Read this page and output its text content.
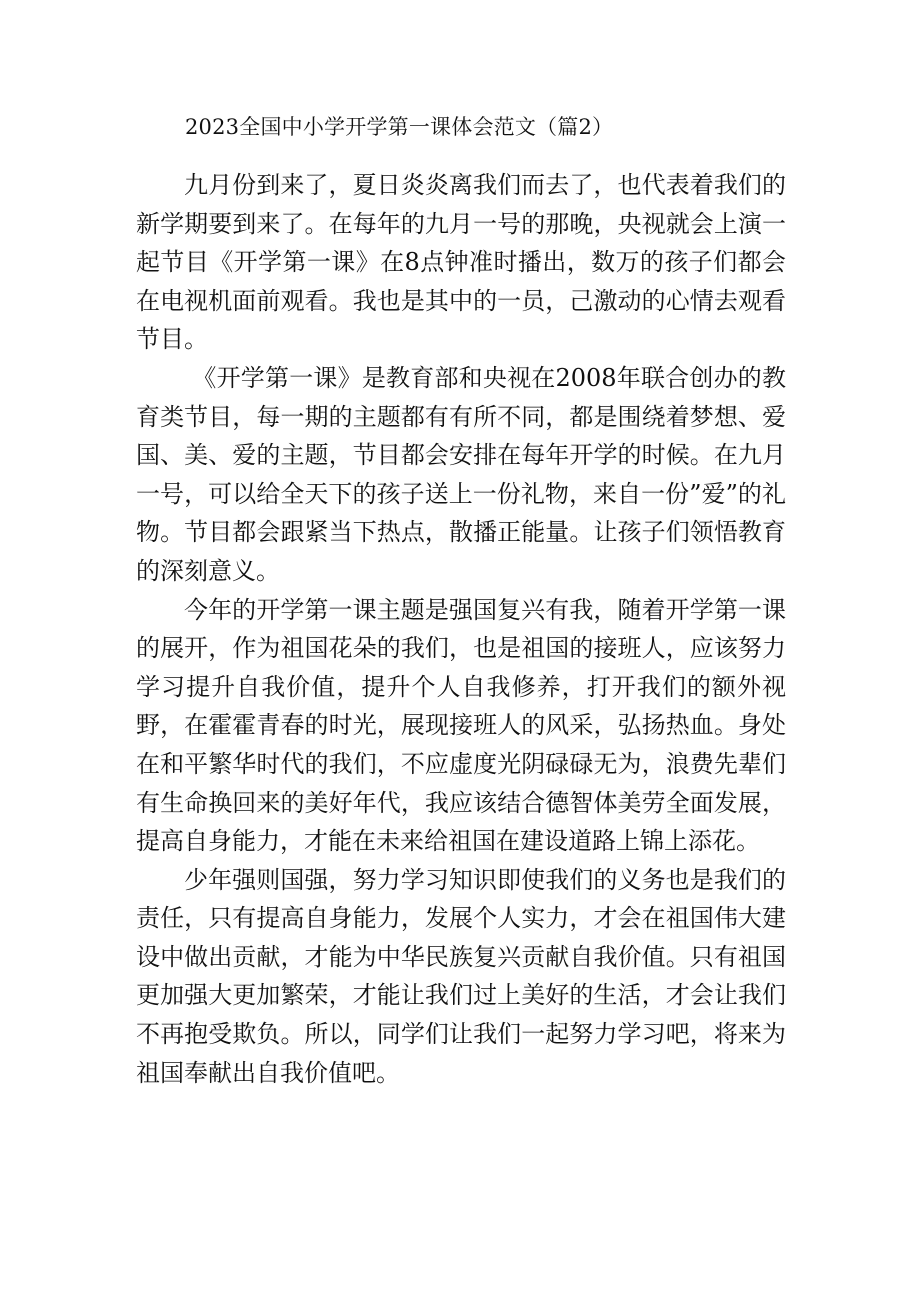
2023全国中小学开学第一课体会范文（篇2）

九月份到来了，夏日炎炎离我们而去了，也代表着我们的新学期要到来了。在每年的九月一号的那晚，央视就会上演一起节目《开学第一课》在8点钟准时播出，数万的孩子们都会在电视机面前观看。我也是其中的一员，己激动的心情去观看节目。

《开学第一课》是教育部和央视在2008年联合创办的教育类节目，每一期的主题都有有所不同，都是围绕着梦想、爱国、美、爱的主题，节目都会安排在每年开学的时候。在九月一号，可以给全天下的孩子送上一份礼物，来自一份”爱”的礼物。节目都会跟紧当下热点，散播正能量。让孩子们领悟教育的深刻意义。

今年的开学第一课主题是强国复兴有我，随着开学第一课的展开，作为祖国花朵的我们，也是祖国的接班人，应该努力学习提升自我价值，提升个人自我修养，打开我们的额外视野，在霍霍青春的时光，展现接班人的风采，弘扬热血。身处在和平繁华时代的我们，不应虚度光阴碌碌无为，浪费先辈们有生命换回来的美好年代，我应该结合德智体美劳全面发展，提高自身能力，才能在未来给祖国在建设道路上锦上添花。

少年强则国强，努力学习知识即使我们的义务也是我们的责任，只有提高自身能力，发展个人实力，才会在祖国伟大建设中做出贡献，才能为中华民族复兴贡献自我价值。只有祖国更加强大更加繁荣，才能让我们过上美好的生活，才会让我们不再抱受欺负。所以，同学们让我们一起努力学习吧，将来为祖国奉献出自我价值吧。
